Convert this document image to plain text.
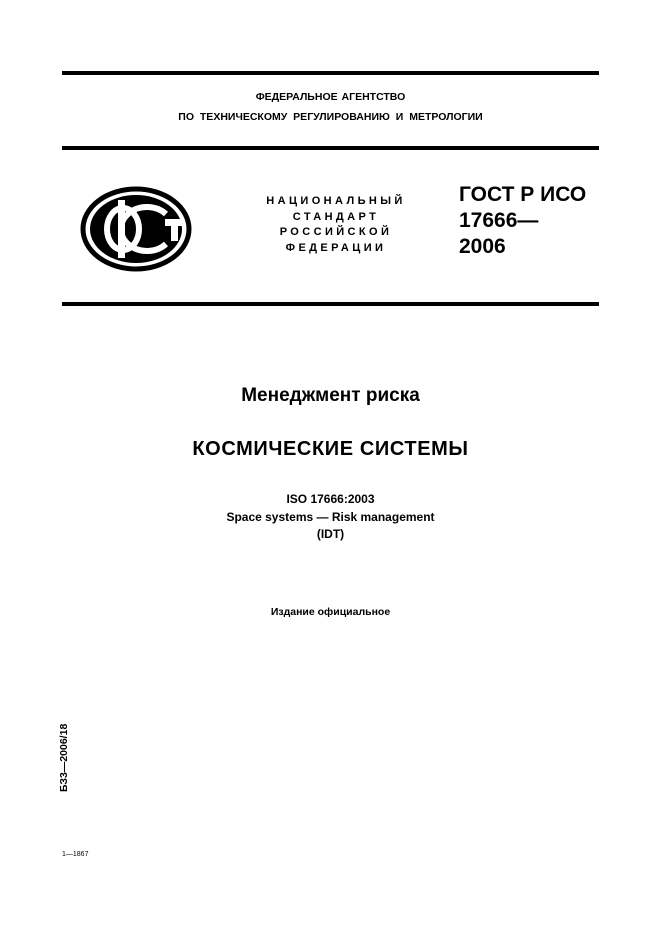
ФЕДЕРАЛЬНОЕ АГЕНТСТВО
ПО ТЕХНИЧЕСКОМУ РЕГУЛИРОВАНИЮ И МЕТРОЛОГИИ
НАЦИОНАЛЬНЫЙ
СТАНДАРТ
РОССИЙСКОЙ
ФЕДЕРАЦИИ
ГОСТ Р ИСО
17666—
2006
Менеджмент риска
КОСМИЧЕСКИЕ СИСТЕМЫ
ISO 17666:2003
Space systems — Risk management
(IDT)
Издание официальное
БЗ3—2006/18
1—1867
